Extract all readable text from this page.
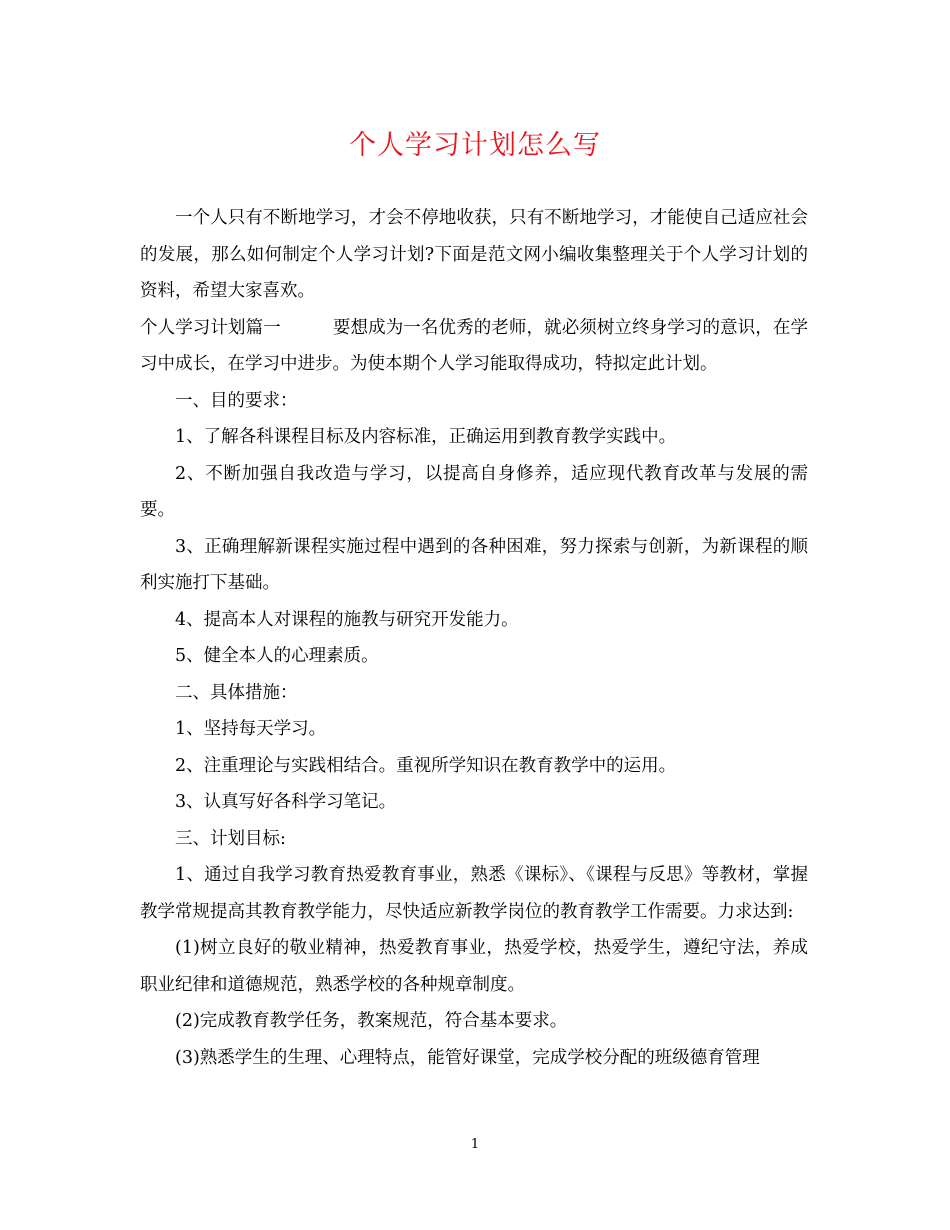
个人学习计划怎么写

一个人只有不断地学习，才会不停地收获，只有不断地学习，才能使自己适应社会的发展，那么如何制定个人学习计划?下面是范文网小编收集整理关于个人学习计划的资料，希望大家喜欢。

个人学习计划篇一	要想成为一名优秀的老师，就必须树立终身学习的意识，在学习中成长，在学习中进步。为使本期个人学习能取得成功，特拟定此计划。

一、目的要求：

1、了解各科课程目标及内容标准，正确运用到教育教学实践中。

2、不断加强自我改造与学习，以提高自身修养，适应现代教育改革与发展的需要。

3、正确理解新课程实施过程中遇到的各种困难，努力探索与创新，为新课程的顺利实施打下基础。

4、提高本人对课程的施教与研究开发能力。

5、健全本人的心理素质。

二、具体措施：

1、坚持每天学习。

2、注重理论与实践相结合。重视所学知识在教育教学中的运用。

3、认真写好各科学习笔记。

三、计划目标:

1、通过自我学习教育热爱教育事业，熟悉《课标》、《课程与反思》等教材，掌握教学常规提高其教育教学能力，尽快适应新教学岗位的教育教学工作需要。力求达到:

(1)树立良好的敬业精神，热爱教育事业，热爱学校，热爱学生，遵纪守法，养成职业纪律和道德规范，熟悉学校的各种规章制度。

(2)完成教育教学任务，教案规范，符合基本要求。

(3)熟悉学生的生理、心理特点，能管好课堂，完成学校分配的班级德育管理

1
